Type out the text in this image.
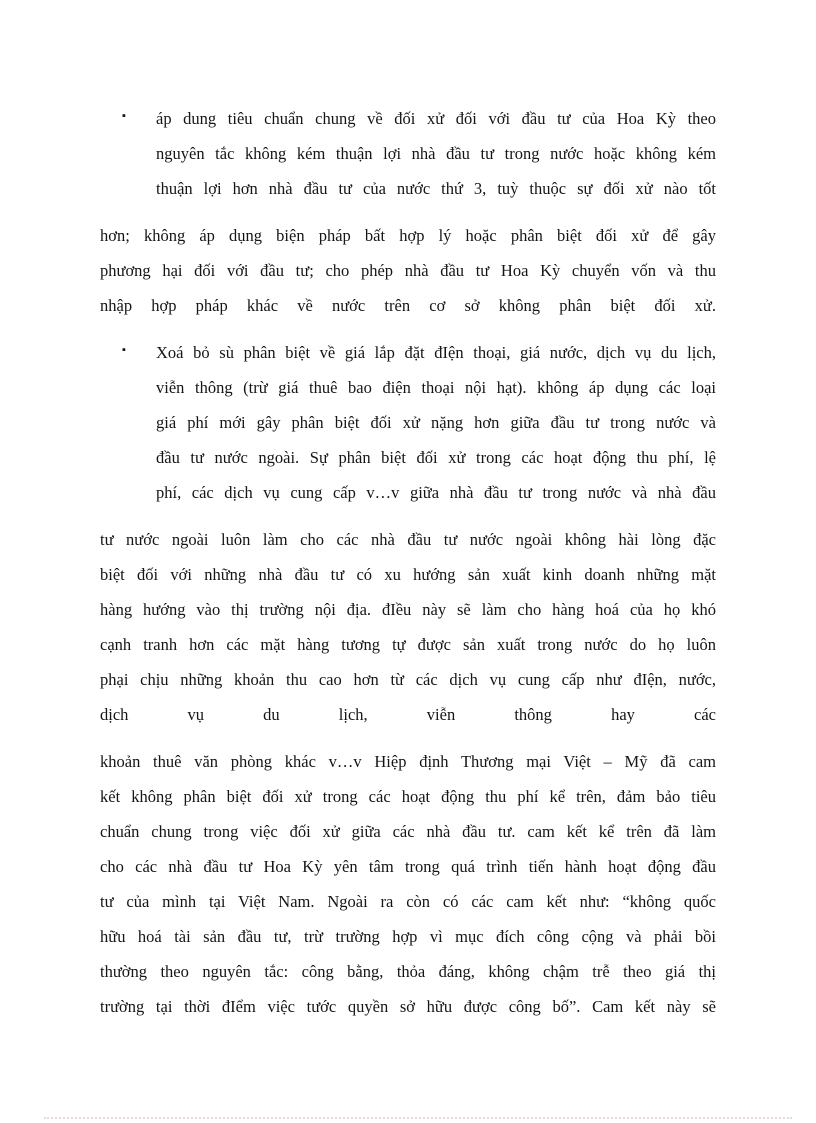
▪ áp dung tiêu chuẩn chung về đối xử đối với đầu tư của Hoa Kỳ theo
nguyên tắc không kém thuận lợi nhà đầu tư trong nước hoặc không kém
thuận lợi hơn nhà đầu tư của nước thứ 3, tuỳ thuộc sự đối xử nào tốt
hơn; không áp dụng biện pháp bất hợp lý hoặc phân biệt đối xử để gây
phương hại đối với đầu tư; cho phép nhà đầu tư Hoa Kỳ chuyển vốn và thu
nhập hợp pháp khác về nước trên cơ sở không phân biệt đối xử.
▪ Xoá bỏ sù phân biệt về giá lắp đặt đIện thoại, giá nước, dịch vụ du lịch,
viễn thông (trừ giá thuê bao điện thoại nội hạt). không áp dụng các loại
giá phí mới gây phân biệt đối xử nặng hơn giữa đầu tư trong nước và
đầu tư nước ngoài. Sự phân biệt đối xử trong các hoạt động thu phí, lệ
phí, các dịch vụ cung cấp v…v giữa nhà đầu tư trong nước và nhà đầu
tư nước ngoài luôn làm cho các nhà đầu tư nước ngoài không hài lòng đặc
biệt đối với những nhà đầu tư có xu hướng sản xuất kinh doanh những mặt
hàng hướng vào thị trường nội địa. đIều này sẽ làm cho hàng hoá của họ khó
cạnh tranh hơn các mặt hàng tương tự được sản xuất trong nước do họ luôn
phại chịu những khoản thu cao hơn từ các dịch vụ cung cấp như đIện, nước,
dịch vụ du lịch, viễn thông hay các
khoản thuê văn phòng khác v…v Hiệp định Thương mại Việt – Mỹ đã cam
kết không phân biệt đối xử trong các hoạt động thu phí kể trên, đảm bảo tiêu
chuẩn chung trong việc đối xử giữa các nhà đầu tư. cam kết kể trên đã làm
cho các nhà đầu tư Hoa Kỳ yên tâm trong quá trình tiến hành hoạt động đầu
tư của mình tại Việt Nam. Ngoài ra còn có các cam kết như: “không quốc
hữu hoá tài sản đầu tư, trừ trường hợp vì mục đích công cộng và phải bồi
thường theo nguyên tắc: công bằng, thỏa đáng, không chậm trễ theo giá thị
trường tại thời đIểm việc tước quyền sở hữu được công bố”. Cam kết này sẽ
